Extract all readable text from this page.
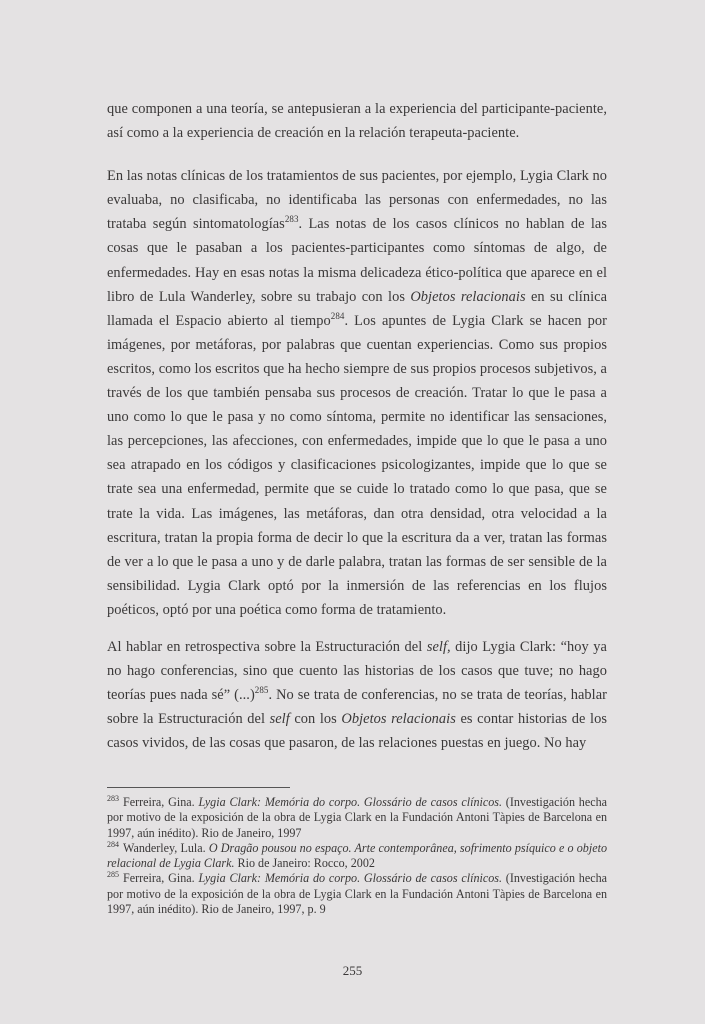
que componen a una teoría, se antepusieran a la experiencia del participante-paciente, así como a la experiencia de creación en la relación terapeuta-paciente.

En las notas clínicas de los tratamientos de sus pacientes, por ejemplo, Lygia Clark no evaluaba, no clasificaba, no identificaba las personas con enfermedades, no las trataba según sintomatologías$^{283}$. Las notas de los casos clínicos no hablan de las cosas que le pasaban a los pacientes-participantes como síntomas de algo, de enfermedades. Hay en esas notas la misma delicadeza ético-política que aparece en el libro de Lula Wanderley, sobre su trabajo con los Objetos relacionais en su clínica llamada el Espacio abierto al tiempo$^{284}$. Los apuntes de Lygia Clark se hacen por imágenes, por metáforas, por palabras que cuentan experiencias. Como sus propios escritos, como los escritos que ha hecho siempre de sus propios procesos subjetivos, a través de los que también pensaba sus procesos de creación. Tratar lo que le pasa a uno como lo que le pasa y no como síntoma, permite no identificar las sensaciones, las percepciones, las afecciones, con enfermedades, impide que lo que le pasa a uno sea atrapado en los códigos y clasificaciones psicologizantes, impide que lo que se trate sea una enfermedad, permite que se cuide lo tratado como lo que pasa, que se trate la vida. Las imágenes, las metáforas, dan otra densidad, otra velocidad a la escritura, tratan la propia forma de decir lo que la escritura da a ver, tratan las formas de ver a lo que le pasa a uno y de darle palabra, tratan las formas de ser sensible de la sensibilidad. Lygia Clark optó por la inmersión de las referencias en los flujos poéticos, optó por una poética como forma de tratamiento.

Al hablar en retrospectiva sobre la Estructuración del self, dijo Lygia Clark: “hoy ya no hago conferencias, sino que cuento las historias de los casos que tuve; no hago teorías pues nada sé” (...)$^{285}$. No se trata de conferencias, no se trata de teorías, hablar sobre la Estructuración del self con los Objetos relacionais es contar historias de los casos vividos, de las cosas que pasaron, de las relaciones puestas en juego. No hay

$^{283}$ Ferreira, Gina. Lygia Clark: Memória do corpo. Glossário de casos clínicos. (Investigación hecha por motivo de la exposición de la obra de Lygia Clark en la Fundación Antoni Tàpies de Barcelona en 1997, aún inédito). Rio de Janeiro, 1997

$^{284}$ Wanderley, Lula. O Dragão pousou no espaço. Arte contemporânea, sofrimento psíquico e o objeto relacional de Lygia Clark. Rio de Janeiro: Rocco, 2002

$^{285}$ Ferreira, Gina. Lygia Clark: Memória do corpo. Glossário de casos clínicos. (Investigación hecha por motivo de la exposición de la obra de Lygia Clark en la Fundación Antoni Tàpies de Barcelona en 1997, aún inédito). Rio de Janeiro, 1997, p. 9

255
